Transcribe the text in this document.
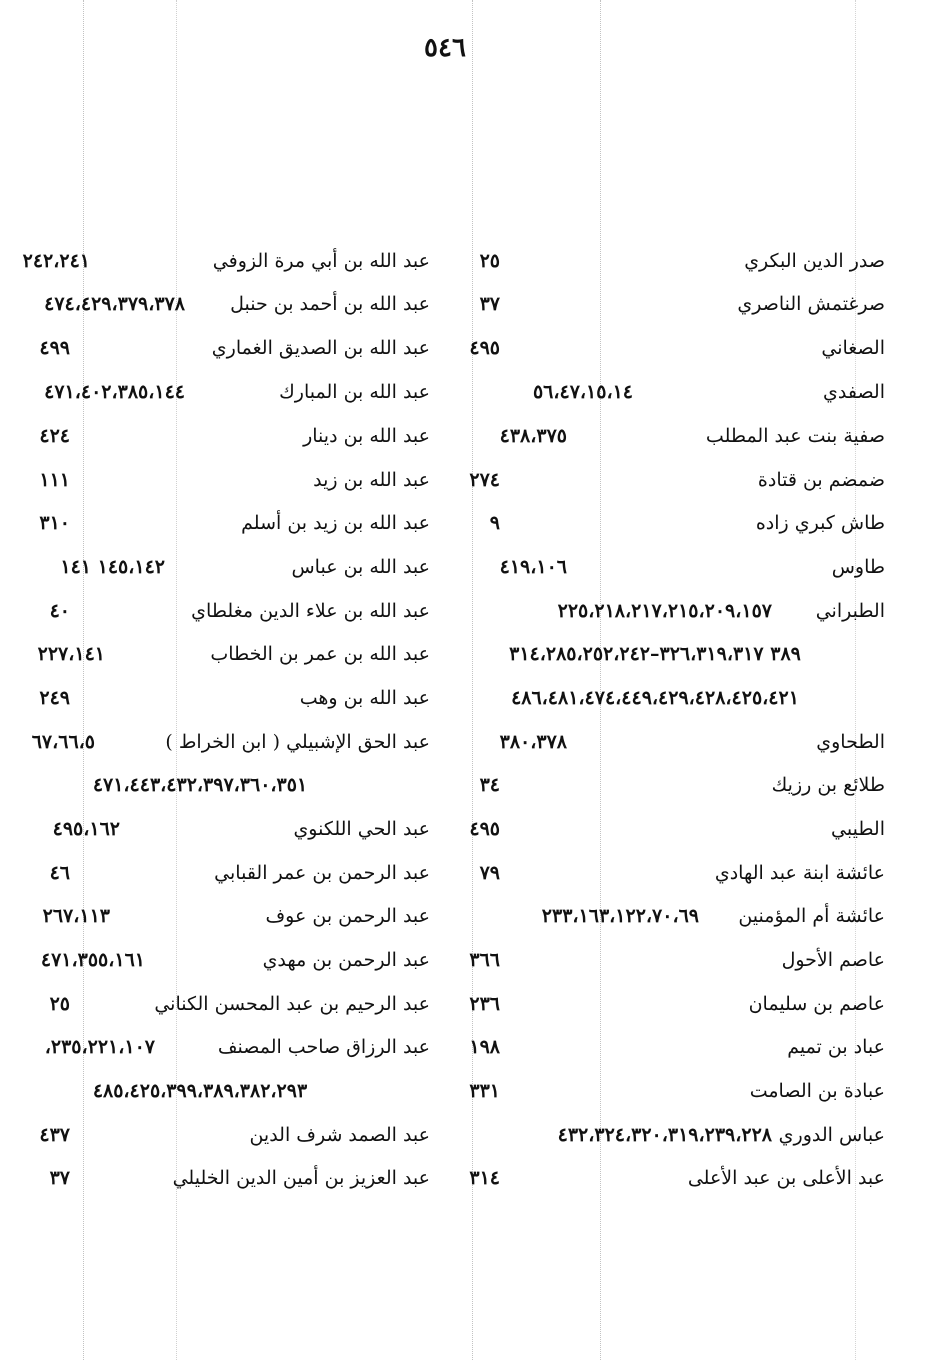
٥٤٦
صدر الدين البكري
٢٥
صرغتمش الناصري
٣٧
الصغاني
٤٩٥
الصفدي
٥٦،٤٧،١٥،١٤
صفية بنت عبد المطلب
٤٣٨،٣٧٥
ضمضم بن قتادة
٢٧٤
طاش كبري زاده
٩
طاوس
٤١٩،١٠٦
الطبراني
٢٢٥،٢١٨،٢١٧،٢١٥،٢٠٩،١٥٧
٣٨٩ ٣٢٦،٣١٩،٣١٧–٣١٤،٢٨٥،٢٥٢،٢٤٢
٤٨٦،٤٨١،٤٧٤،٤٤٩،٤٢٩،٤٢٨،٤٢٥،٤٢١
الطحاوي
٣٨٠،٣٧٨
طلائع بن رزيك
٣٤
الطيبي
٤٩٥
عائشة ابنة عبد الهادي
٧٩
عائشة أم المؤمنين
٢٣٣،١٦٣،١٢٢،٧٠،٦٩
عاصم الأحول
٣٦٦
عاصم بن سليمان
٢٣٦
عباد بن تميم
١٩٨
عبادة بن الصامت
٣٣١
عباس الدوري
٤٣٢،٣٢٤،٣٢٠،٣١٩،٢٣٩،٢٢٨
عبد الأعلى بن عبد الأعلى
٣١٤
عبد الله بن أبي مرة الزوفي
٢٤٢،٢٤١
عبد الله بن أحمد بن حنبل
٤٧٤،٤٢٩،٣٧٩،٣٧٨
عبد الله بن الصديق الغماري
٤٩٩
عبد الله بن المبارك
٤٧١،٤٠٢،٣٨٥،١٤٤
عبد الله بن دينار
٤٢٤
عبد الله بن زيد
١١١
عبد الله بن زيد بن أسلم
٣١٠
عبد الله بن عباس
١٤٥،١٤٢ ١٤١
عبد الله بن علاء الدين مغلطاي
٤٠
عبد الله بن عمر بن الخطاب
٢٢٧،١٤١
عبد الله بن وهب
٢٤٩
عبد الحق الإشبيلي ( ابن الخراط )
٦٧،٦٦،٥
٤٧١،٤٤٣،٤٣٢،٣٩٧،٣٦٠،٣٥١
عبد الحي اللكنوي
٤٩٥،١٦٢
عبد الرحمن بن عمر القبابي
٤٦
عبد الرحمن بن عوف
٢٦٧،١١٣
عبد الرحمن بن مهدي
٤٧١،٣٥٥،١٦١
عبد الرحيم بن عبد المحسن الكناني
٢٥
عبد الرزاق صاحب المصنف
٢٣٥،٢٢١،١٠٧،
٤٨٥،٤٢٥،٣٩٩،٣٨٩،٣٨٢،٢٩٣
عبد الصمد شرف الدين
٤٣٧
عبد العزيز بن أمين الدين الخليلي
٣٧
